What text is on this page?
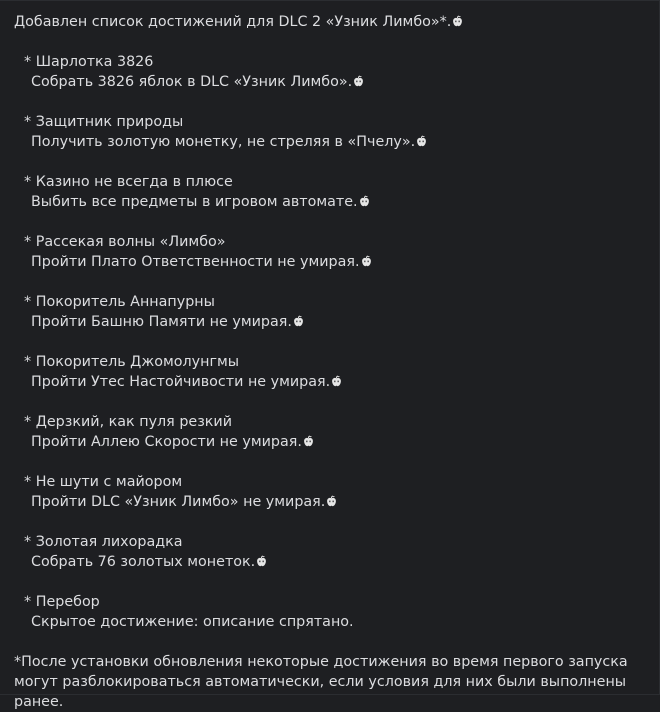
Добавлен список достижений для DLC 2 «Узник Лимбо»*.
* Шарлотка 3826
Собрать 3826 яблок в DLC «Узник Лимбо».
* Защитник природы
Получить золотую монетку, не стреляя в «Пчелу».
* Казино не всегда в плюсе
Выбить все предметы в игровом автомате.
* Рассекая волны «Лимбо»
Пройти Плато Ответственности не умирая.
* Покоритель Аннапурны
Пройти Башню Памяти не умирая.
* Покоритель Джомолунгмы
Пройти Утес Настойчивости не умирая.
* Дерзкий, как пуля резкий
Пройти Аллею Скорости не умирая.
* Не шути с майором
Пройти DLC «Узник Лимбо» не умирая.
* Золотая лихорадка
Собрать 76 золотых монеток.
* Перебор
Скрытое достижение: описание спрятано.
*После установки обновления некоторые достижения во время первого запуска могут разблокироваться автоматически, если условия для них были выполнены ранее.
